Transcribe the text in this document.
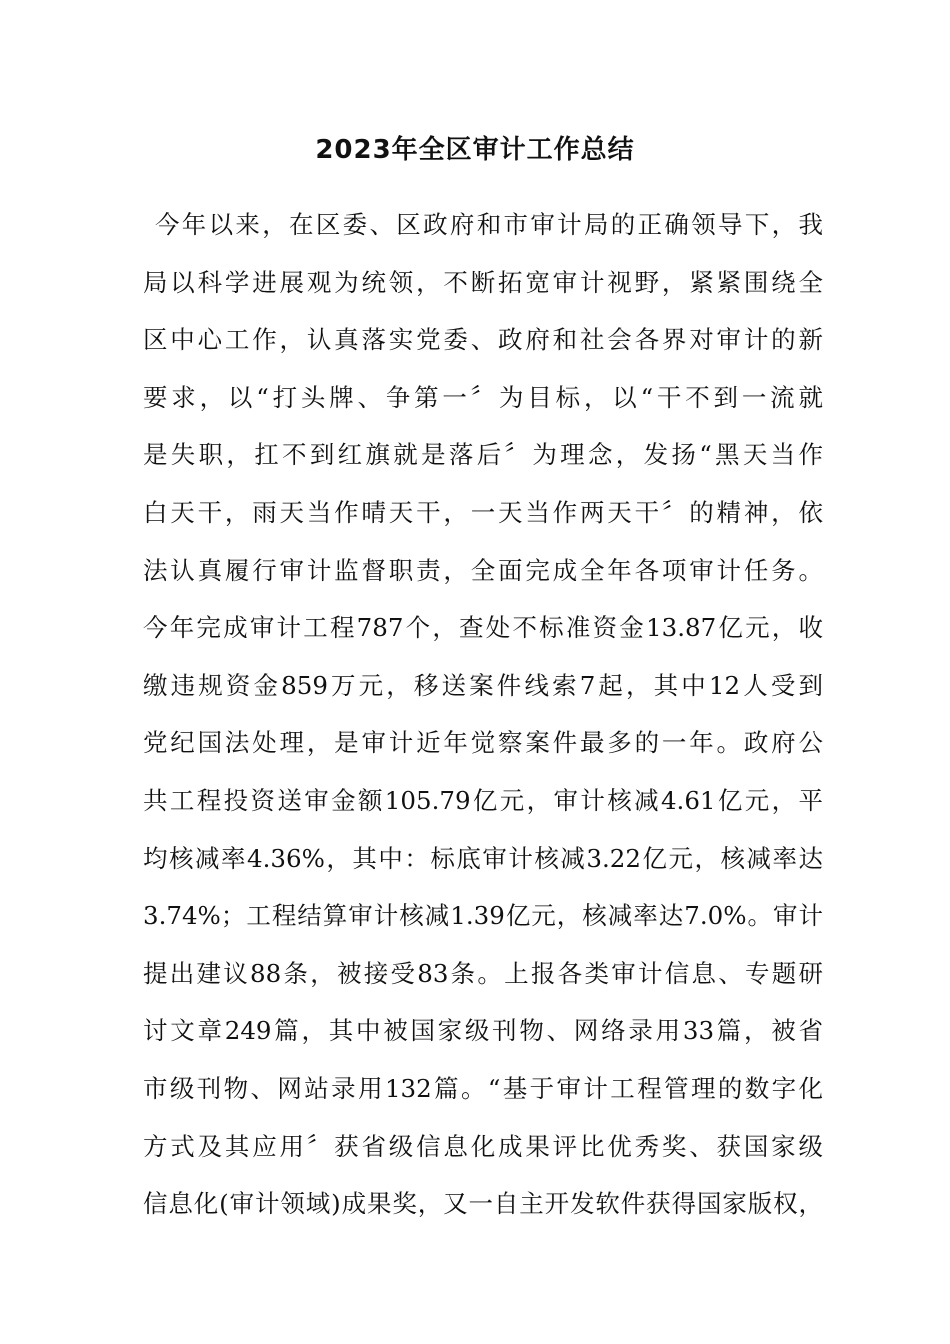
2023年全区审计工作总结
今年以来，在区委、区政府和市审计局的正确领导下，我
局以科学进展观为统领，不断拓宽审计视野，紧紧围绕全
区中心工作，认真落实党委、政府和社会各界对审计的新
要求，以“打头牌、争第一〞为目标，以“干不到一流就
是失职，扛不到红旗就是落后〞为理念，发扬“黑天当作
白天干，雨天当作晴天干，一天当作两天干〞的精神，依
法认真履行审计监督职责，全面完成全年各项审计任务。
今年完成审计工程787个，查处不标准资金13.87亿元，收
缴违规资金859万元，移送案件线索7起，其中12人受到
党纪国法处理，是审计近年觉察案件最多的一年。政府公
共工程投资送审金额105.79亿元，审计核减4.61亿元，平
均核减率4.36%，其中：标底审计核减3.22亿元，核减率达
3.74%；工程结算审计核减1.39亿元，核减率达7.0%。审计
提出建议88条，被接受83条。上报各类审计信息、专题研
讨文章249篇，其中被国家级刊物、网络录用33篇，被省
市级刊物、网站录用132篇。“基于审计工程管理的数字化
方式及其应用〞获省级信息化成果评比优秀奖、获国家级
信息化(审计领域)成果奖，又一自主开发软件获得国家版权，
